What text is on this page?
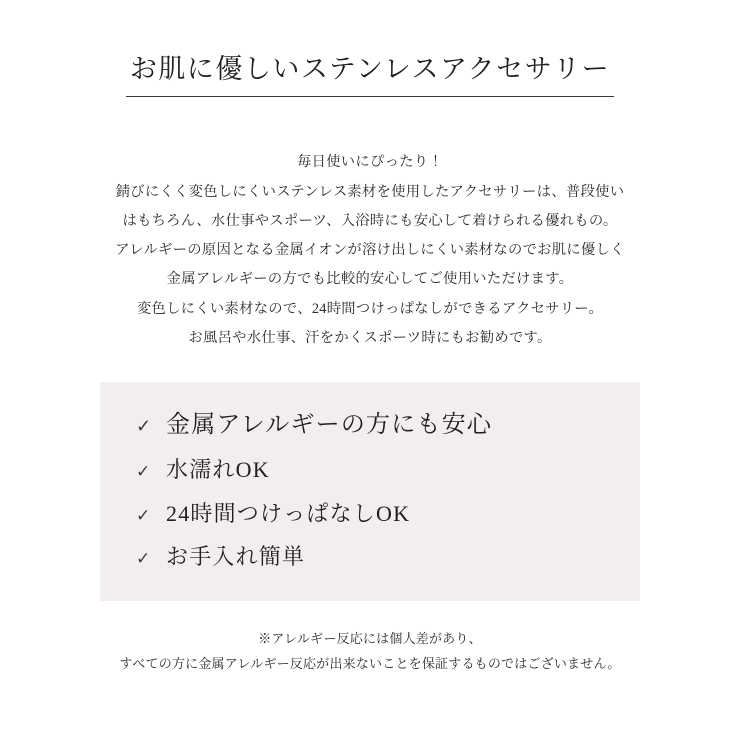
お肌に優しいステンレスアクセサリー

毎日使いにぴったり！

錆びにくく変色しにくいステンレス素材を使用したアクセサリーは、普段使い

はもちろん、水仕事やスポーツ、入浴時にも安心して着けられる優れもの。

アレルギーの原因となる金属イオンが溶け出しにくい素材なのでお肌に優しく

金属アレルギーの方でも比較的安心してご使用いただけます。

変色しにくい素材なので、24時間つけっぱなしができるアクセサリー。

お風呂や水仕事、汗をかくスポーツ時にもお勧めです。

✓ 金属アレルギーの方にも安心
✓ 水濡れOK
✓ 24時間つけっぱなしOK
✓ お手入れ簡単

※アレルギー反応には個人差があり、

すべての方に金属アレルギー反応が出来ないことを保証するものではございません。
